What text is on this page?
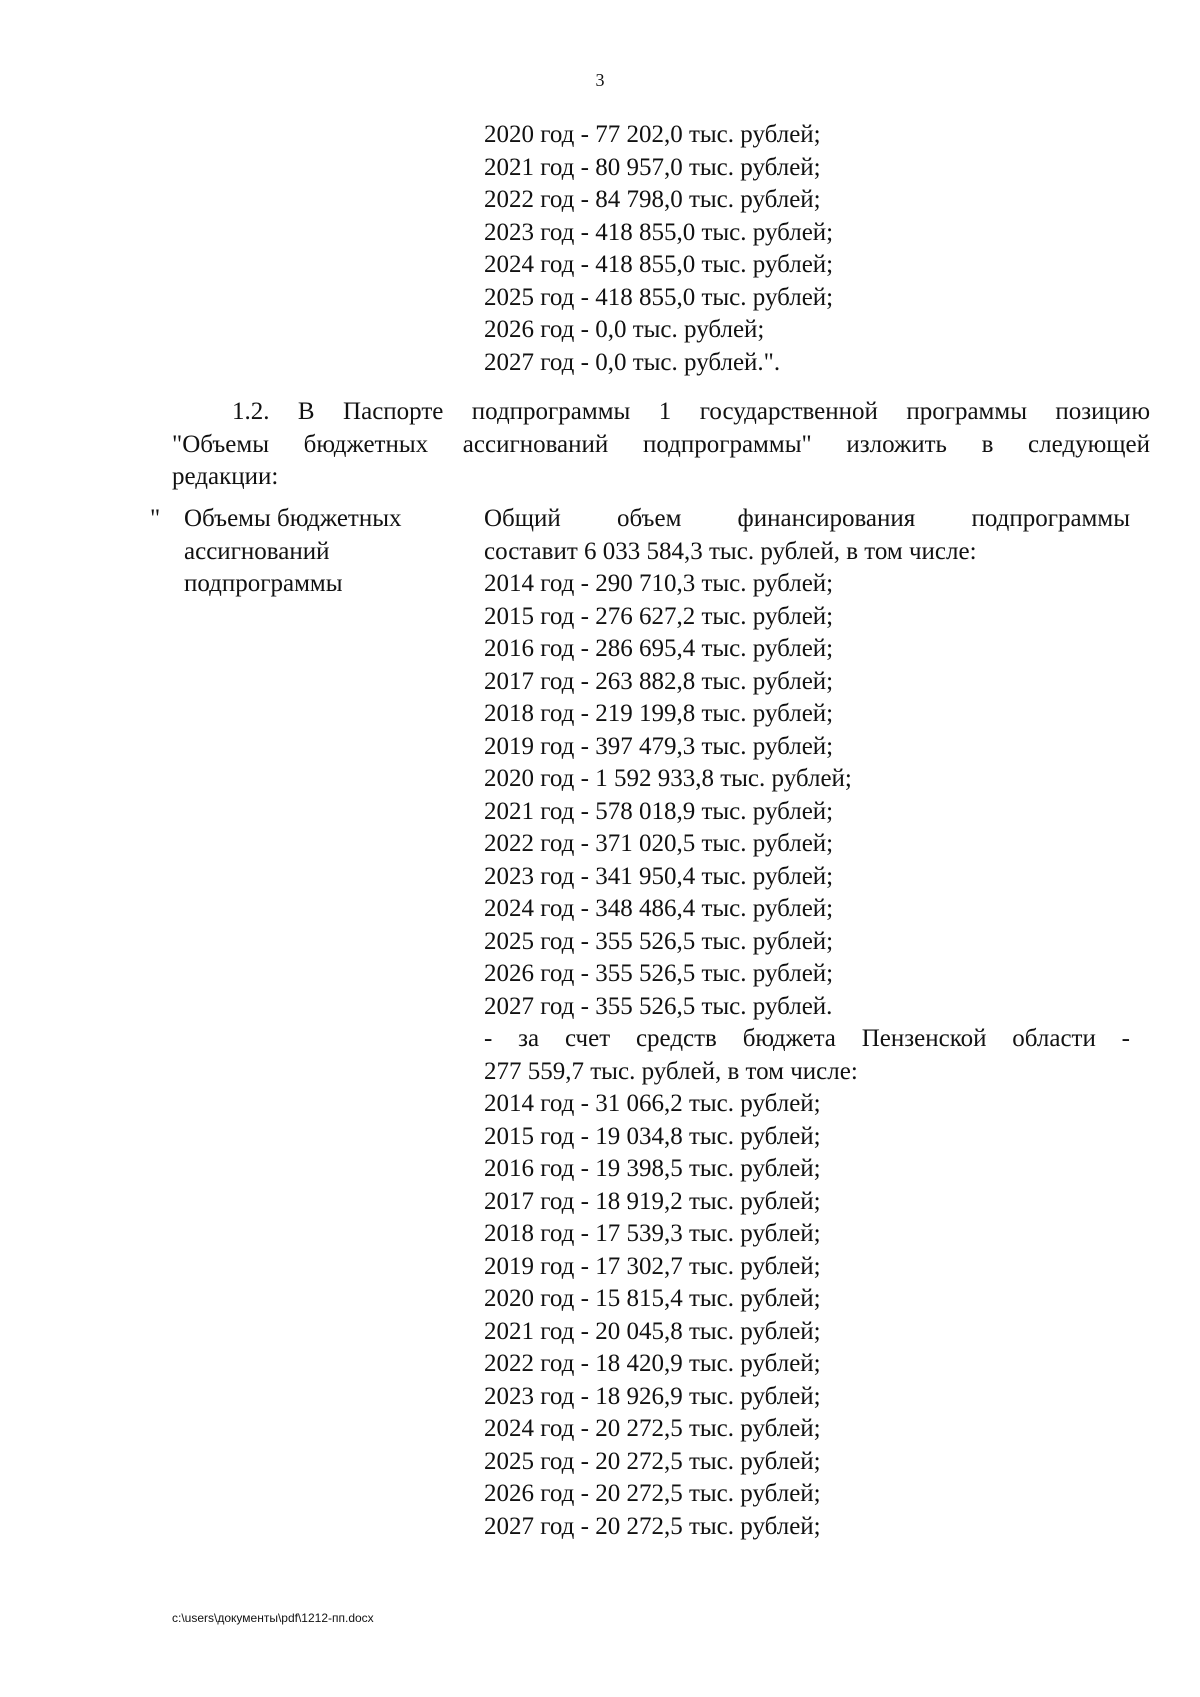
3
2020 год - 77 202,0 тыс. рублей;
2021 год - 80 957,0 тыс. рублей;
2022 год - 84 798,0 тыс. рублей;
2023 год - 418 855,0 тыс. рублей;
2024 год - 418 855,0 тыс. рублей;
2025 год - 418 855,0 тыс. рублей;
2026 год - 0,0 тыс. рублей;
2027 год - 0,0 тыс. рублей.".
1.2. В Паспорте подпрограммы 1 государственной программы позицию
"Объемы бюджетных ассигнований подпрограммы" изложить в следующей
редакции:
" Объемы бюджетных
ассигнований
подпрограммы
Общий объем финансирования подпрограммы
составит 6 033 584,3 тыс. рублей, в том числе:
2014 год - 290 710,3 тыс. рублей;
2015 год - 276 627,2 тыс. рублей;
2016 год - 286 695,4 тыс. рублей;
2017 год - 263 882,8 тыс. рублей;
2018 год - 219 199,8 тыс. рублей;
2019 год - 397 479,3 тыс. рублей;
2020 год - 1 592 933,8 тыс. рублей;
2021 год - 578 018,9 тыс. рублей;
2022 год - 371 020,5 тыс. рублей;
2023 год - 341 950,4 тыс. рублей;
2024 год - 348 486,4 тыс. рублей;
2025 год - 355 526,5 тыс. рублей;
2026 год - 355 526,5 тыс. рублей;
2027 год - 355 526,5 тыс. рублей.
- за счет средств бюджета Пензенской области -
277 559,7 тыс. рублей, в том числе:
2014 год - 31 066,2 тыс. рублей;
2015 год - 19 034,8 тыс. рублей;
2016 год - 19 398,5 тыс. рублей;
2017 год - 18 919,2 тыс. рублей;
2018 год - 17 539,3 тыс. рублей;
2019 год - 17 302,7 тыс. рублей;
2020 год - 15 815,4 тыс. рублей;
2021 год - 20 045,8 тыс. рублей;
2022 год - 18 420,9 тыс. рублей;
2023 год - 18 926,9 тыс. рублей;
2024 год - 20 272,5 тыс. рублей;
2025 год - 20 272,5 тыс. рублей;
2026 год - 20 272,5 тыс. рублей;
2027 год - 20 272,5 тыс. рублей;
c:\users\документы\pdf\1212-пп.docx
